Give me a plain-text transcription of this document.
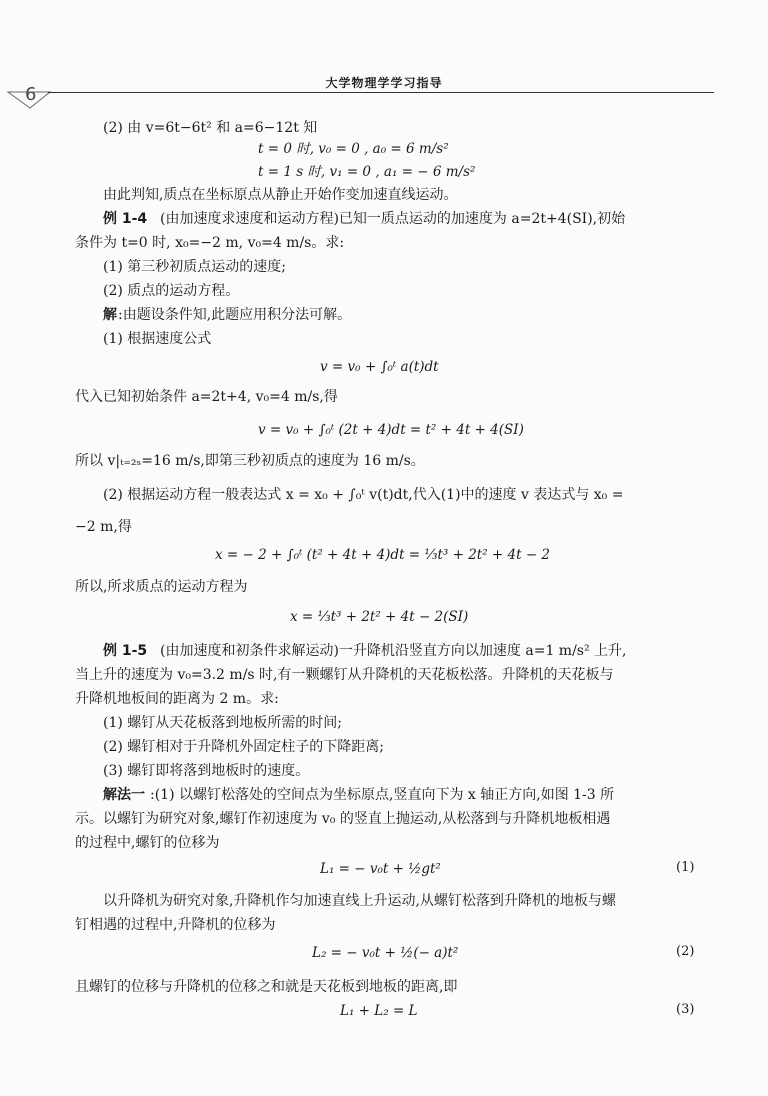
6
大学物理学学习指导
(2) 由 v=6t−6t² 和 a=6−12t 知
t = 0 时, v₀ = 0 , a₀ = 6 m/s²
t = 1 s 时, v₁ = 0 , a₁ = − 6 m/s²
由此判知,质点在坐标原点从静止开始作变加速直线运动。
例 1-4 (由加速度求速度和运动方程)已知一质点运动的加速度为 a=2t+4(SI),初始
条件为 t=0 时, x₀=−2 m, v₀=4 m/s。求:
(1) 第三秒初质点运动的速度;
(2) 质点的运动方程。
解 :由题设条件知,此题应用积分法可解。
(1) 根据速度公式
v = v₀ + ∫₀ᵗ a(t)dt
代入已知初始条件 a=2t+4, v₀=4 m/s,得
v = v₀ + ∫₀ᵗ (2t + 4)dt = t² + 4t + 4(SI)
所以 v|ₜ₌₂ₛ=16 m/s,即第三秒初质点的速度为 16 m/s。
(2) 根据运动方程一般表达式 x = x₀ + ∫₀ᵗ v(t)dt,代入(1)中的速度 v 表达式与 x₀ =
−2 m,得
x = − 2 + ∫₀ᵗ (t² + 4t + 4)dt = ⅓t³ + 2t² + 4t − 2
所以,所求质点的运动方程为
x = ⅓t³ + 2t² + 4t − 2(SI)
例 1-5 (由加速度和初条件求解运动)一升降机沿竖直方向以加速度 a=1 m/s² 上升,
当上升的速度为 v₀=3.2 m/s 时,有一颗螺钉从升降机的天花板松落。升降机的天花板与
升降机地板间的距离为 2 m。求:
(1) 螺钉从天花板落到地板所需的时间;
(2) 螺钉相对于升降机外固定柱子的下降距离;
(3) 螺钉即将落到地板时的速度。
解法一 :(1) 以螺钉松落处的空间点为坐标原点,竖直向下为 x 轴正方向,如图 1-3 所
示。以螺钉为研究对象,螺钉作初速度为 v₀ 的竖直上抛运动,从松落到与升降机地板相遇
的过程中,螺钉的位移为
L₁ = − v₀t + ½gt²	(1)
以升降机为研究对象,升降机作匀加速直线上升运动,从螺钉松落到升降机的地板与螺
钉相遇的过程中,升降机的位移为
L₂ = − v₀t + ½(− a)t²	(2)
且螺钉的位移与升降机的位移之和就是天花板到地板的距离,即
L₁ + L₂ = L	(3)
